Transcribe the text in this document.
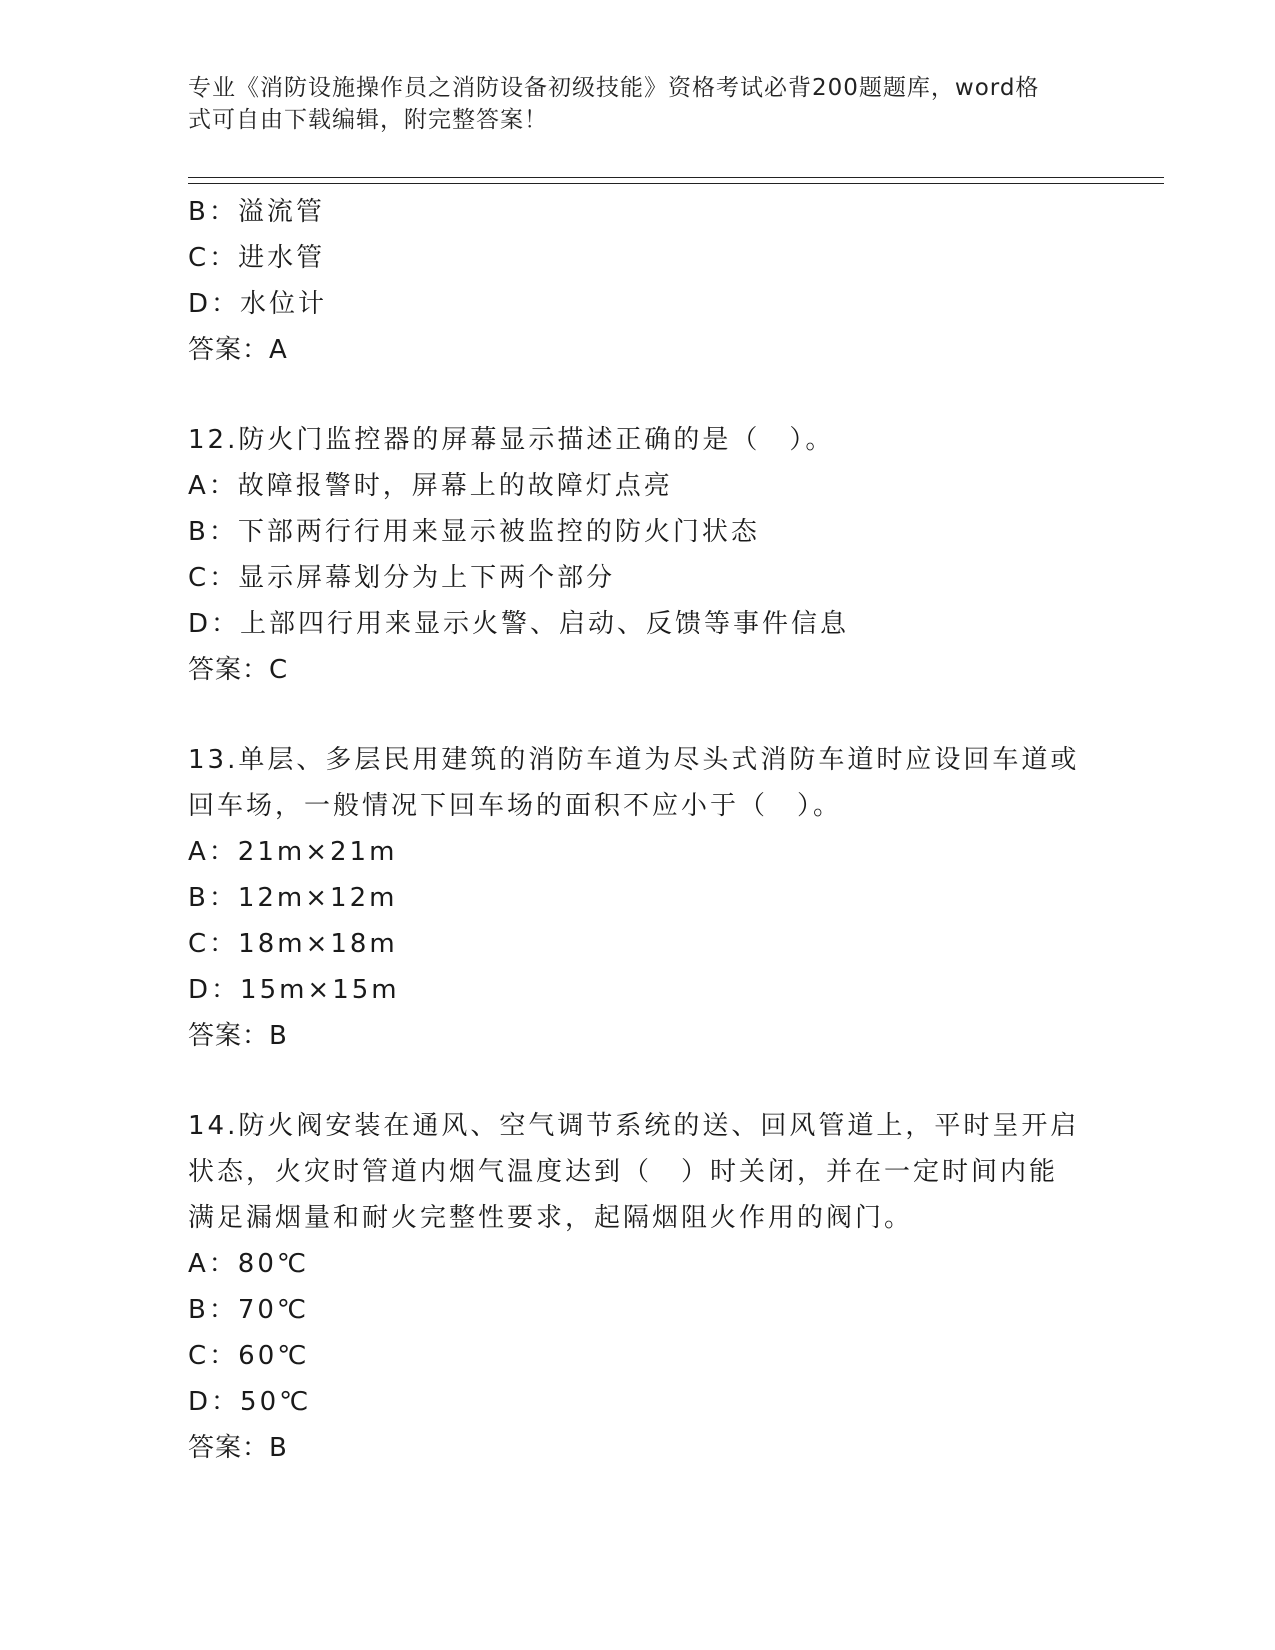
专业《消防设施操作员之消防设备初级技能》资格考试必背200题题库，word格
式可自由下载编辑，附完整答案！
B：溢流管
C：进水管
D：水位计
答案：A
12.防火门监控器的屏幕显示描述正确的是（　）。
A：故障报警时，屏幕上的故障灯点亮
B：下部两行行用来显示被监控的防火门状态
C：显示屏幕划分为上下两个部分
D：上部四行用来显示火警、启动、反馈等事件信息
答案：C
13.单层、多层民用建筑的消防车道为尽头式消防车道时应设回车道或
回车场，一般情况下回车场的面积不应小于（　）。
A：21m×21m
B：12m×12m
C：18m×18m
D：15m×15m
答案：B
14.防火阀安装在通风、空气调节系统的送、回风管道上，平时呈开启
状态，火灾时管道内烟气温度达到（　）时关闭，并在一定时间内能
满足漏烟量和耐火完整性要求，起隔烟阻火作用的阀门。
A：80℃
B：70℃
C：60℃
D：50℃
答案：B
